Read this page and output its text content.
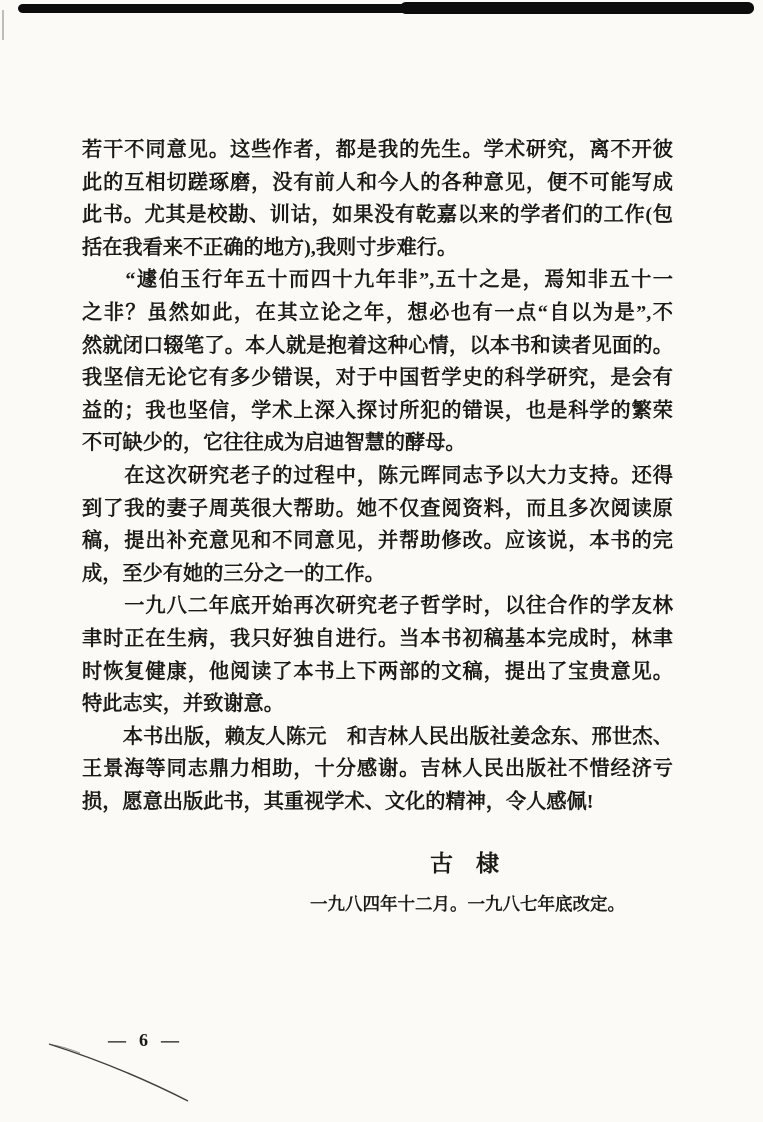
若干不同意见。这些作者，都是我的先生。学术研究，离不开彼
此的互相切蹉琢磨，没有前人和今人的各种意见，便不可能写成
此书。尤其是校勘、训诂，如果没有乾嘉以来的学者们的工作(包
括在我看来不正确的地方),我则寸步难行。
　　“遽伯玉行年五十而四十九年非”,五十之是，焉知非五十一
之非？虽然如此，在其立论之年，想必也有一点“自以为是”,不
然就闭口辍笔了。本人就是抱着这种心情，以本书和读者见面的。
我坚信无论它有多少错误，对于中国哲学史的科学研究，是会有
益的；我也坚信，学术上深入探讨所犯的错误，也是科学的繁荣
不可缺少的，它往往成为启迪智慧的酵母。
　　在这次研究老子的过程中，陈元晖同志予以大力支持。还得
到了我的妻子周英很大帮助。她不仅查阅资料，而且多次阅读原
稿，提出补充意见和不同意见，并帮助修改。应该说，本书的完
成，至少有她的三分之一的工作。
　　一九八二年底开始再次研究老子哲学时，以往合作的学友林
聿时正在生病，我只好独自进行。当本书初稿基本完成时，林聿
时恢复健康，他阅读了本书上下两部的文稿，提出了宝贵意见。
特此志实，并致谢意。
　　本书出版，赖友人陈元　和吉林人民出版社姜念东、邢世杰、
王景海等同志鼎力相助，十分感谢。吉林人民出版社不惜经济亏
损，愿意出版此书，其重视学术、文化的精神，令人感佩!
古　棣
一九八四年十二月。一九八七年底改定。
— 6 —
